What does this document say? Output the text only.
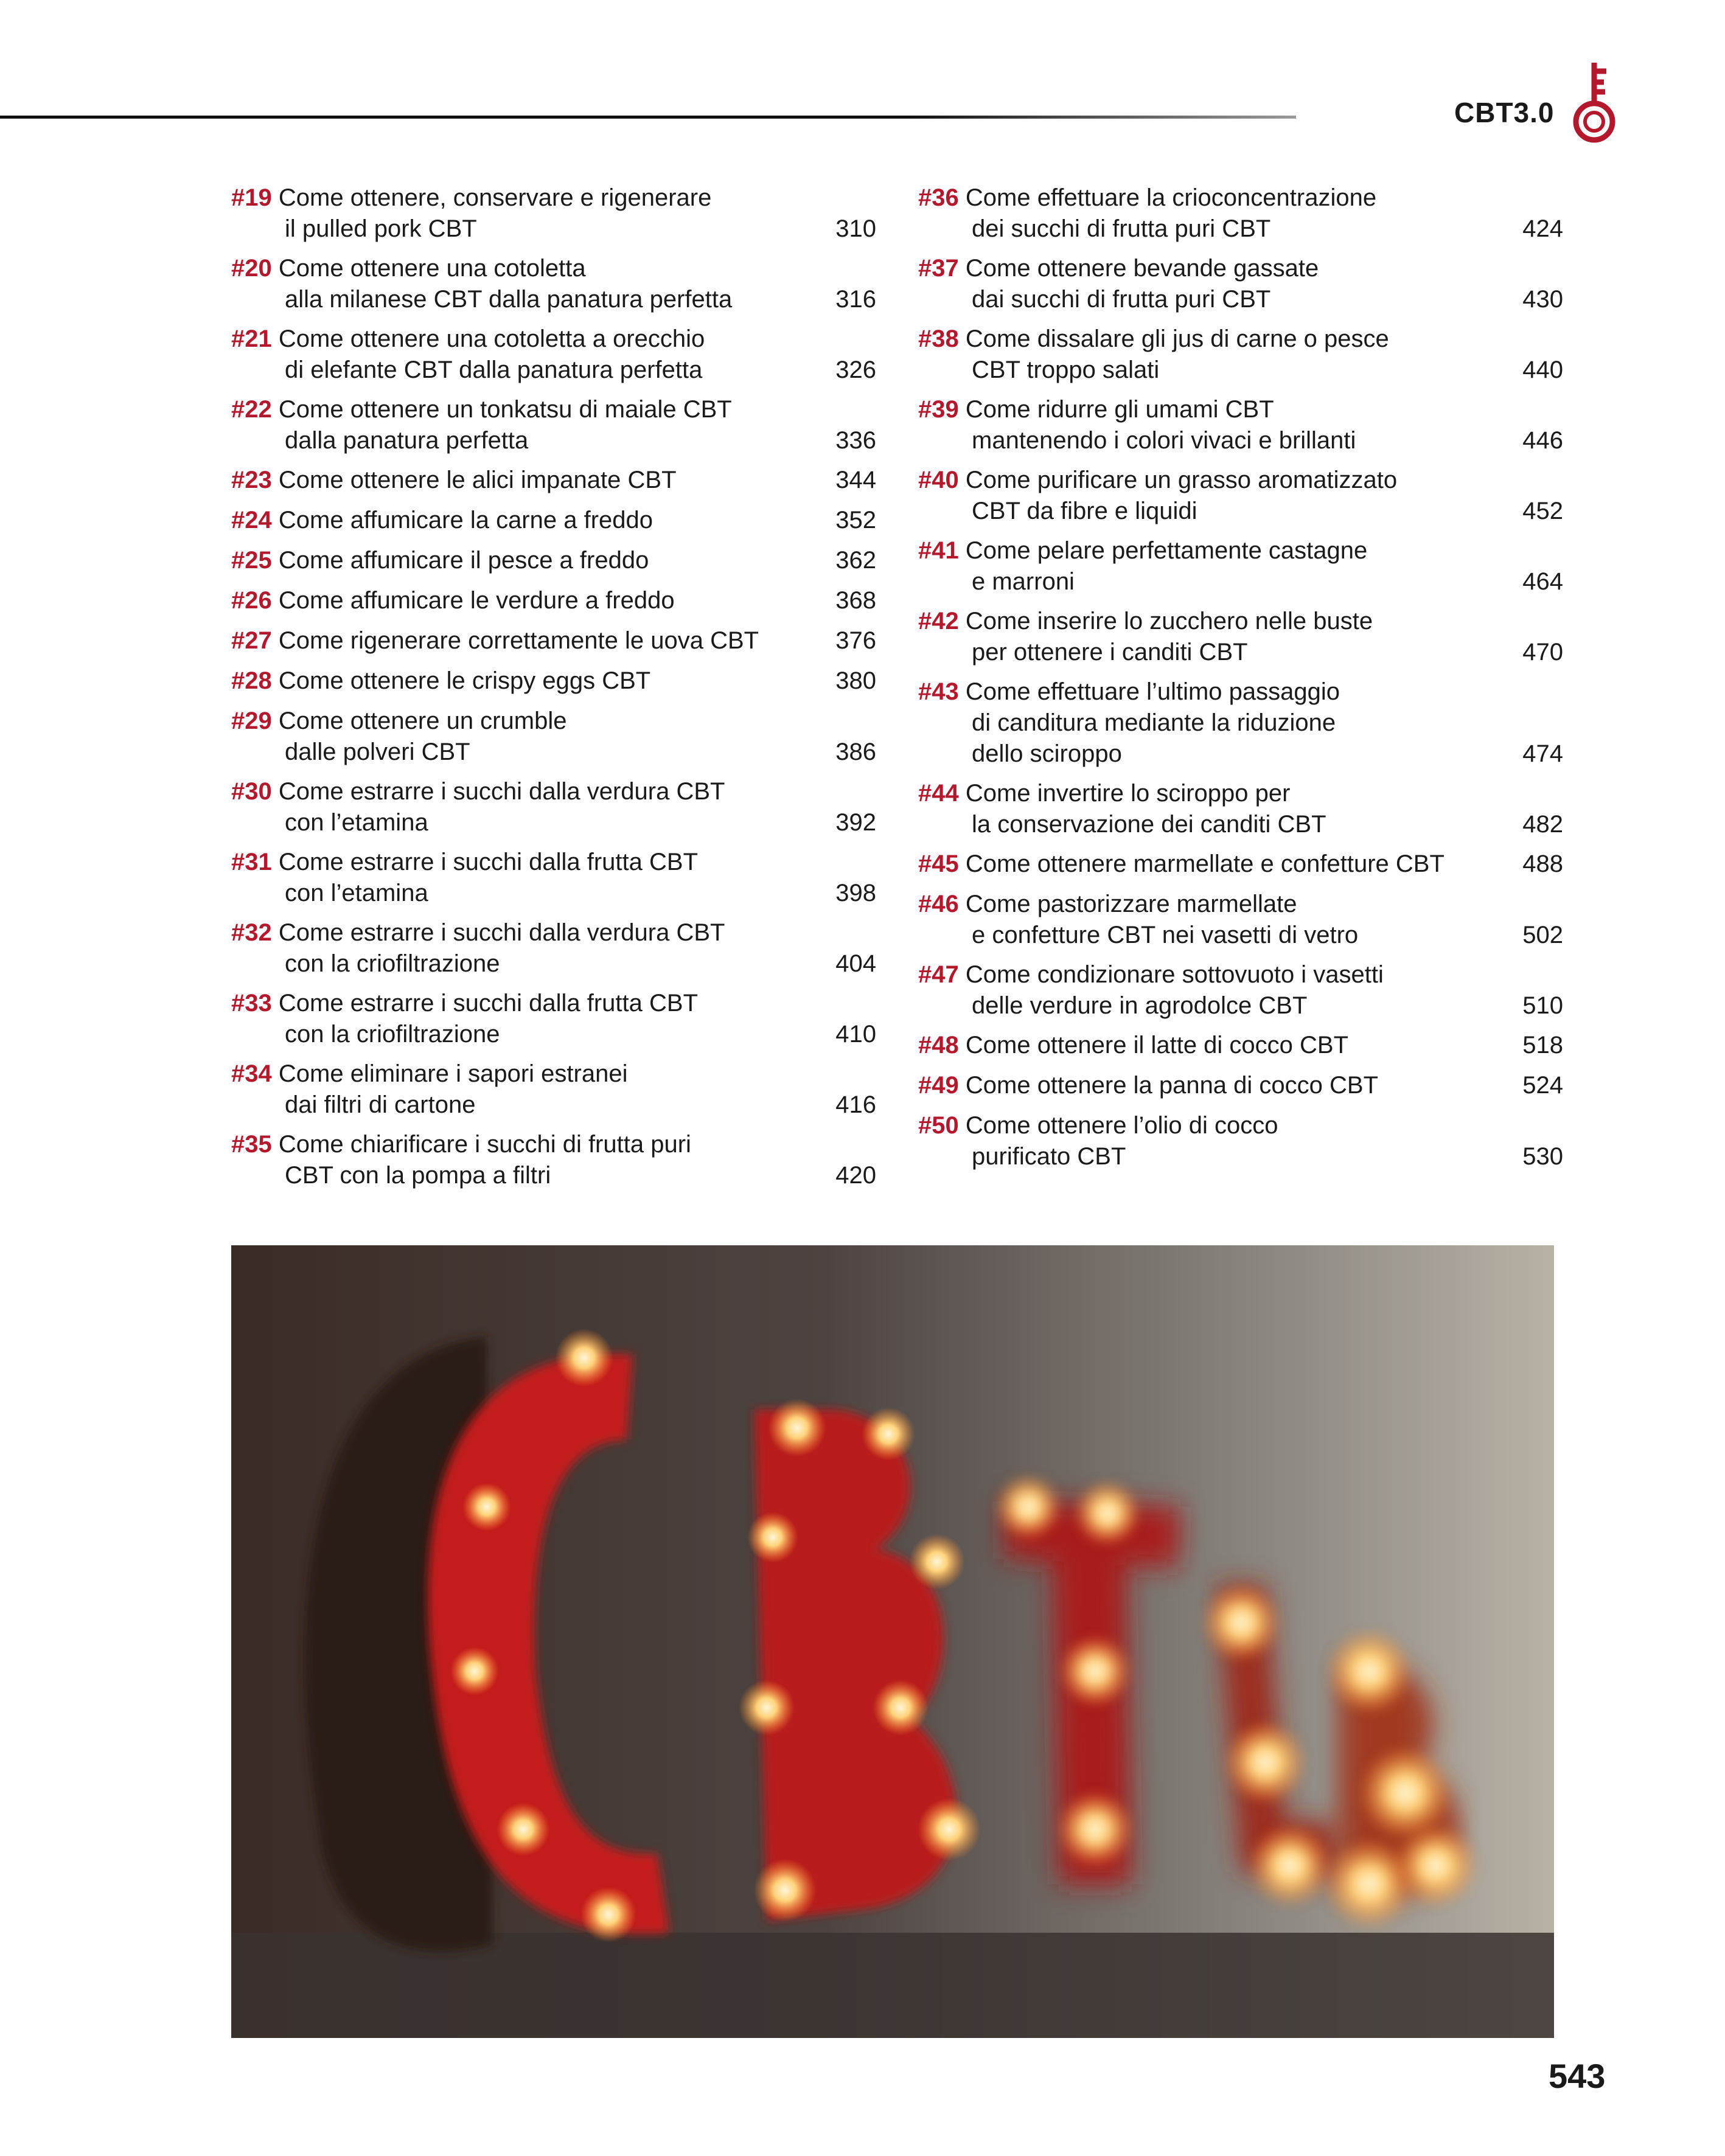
CBT3.0
#19 Come ottenere, conservare e rigenerare
il pulled pork CBT	310
#20 Come ottenere una cotoletta
alla milanese CBT dalla panatura perfetta	316
#21 Come ottenere una cotoletta a orecchio
di elefante CBT dalla panatura perfetta	326
#22 Come ottenere un tonkatsu di maiale CBT
dalla panatura perfetta	336
#23 Come ottenere le alici impanate CBT	344
#24 Come affumicare la carne a freddo	352
#25 Come affumicare il pesce a freddo	362
#26 Come affumicare le verdure a freddo	368
#27 Come rigenerare correttamente le uova CBT	376
#28 Come ottenere le crispy eggs CBT	380
#29 Come ottenere un crumble
dalle polveri CBT	386
#30 Come estrarre i succhi dalla verdura CBT
con l’etamina	392
#31 Come estrarre i succhi dalla frutta CBT
con l’etamina	398
#32 Come estrarre i succhi dalla verdura CBT
con la criofiltrazione	404
#33 Come estrarre i succhi dalla frutta CBT
con la criofiltrazione	410
#34 Come eliminare i sapori estranei
dai filtri di cartone	416
#35 Come chiarificare i succhi di frutta puri
CBT con la pompa a filtri	420
#36 Come effettuare la crioconcentrazione
dei succhi di frutta puri CBT	424
#37 Come ottenere bevande gassate
dai succhi di frutta puri CBT	430
#38 Come dissalare gli jus di carne o pesce
CBT troppo salati	440
#39 Come ridurre gli umami CBT
mantenendo i colori vivaci e brillanti	446
#40 Come purificare un grasso aromatizzato
CBT da fibre e liquidi	452
#41 Come pelare perfettamente castagne
e marroni	464
#42 Come inserire lo zucchero nelle buste
per ottenere i canditi CBT	470
#43 Come effettuare l’ultimo passaggio
di canditura mediante la riduzione
dello sciroppo	474
#44 Come invertire lo sciroppo per
la conservazione dei canditi CBT	482
#45 Come ottenere marmellate e confetture CBT	488
#46 Come pastorizzare marmellate
e confetture CBT nei vasetti di vetro	502
#47 Come condizionare sottovuoto i vasetti
delle verdure in agrodolce CBT	510
#48 Come ottenere il latte di cocco CBT	518
#49 Come ottenere la panna di cocco CBT	524
#50 Come ottenere l’olio di cocco
purificato CBT	530
543
